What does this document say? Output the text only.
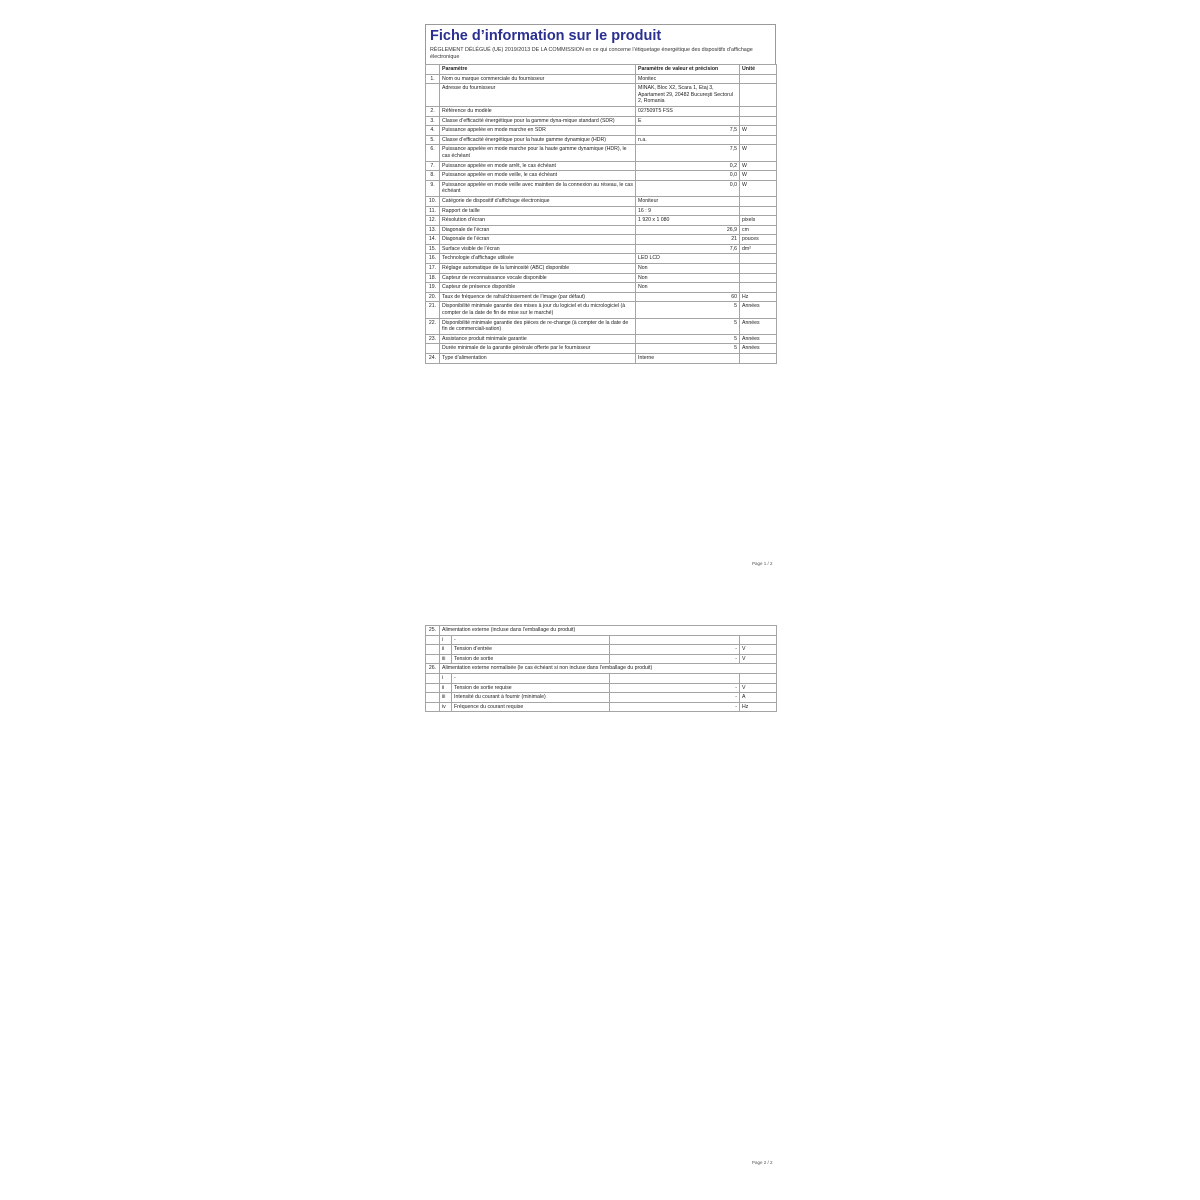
Fiche d’information sur le produit
RÈGLEMENT DÉLÉGUÉ (UE) 2019/2013 DE LA COMMISSION en ce qui concerne l’étiquetage énergétique des dispositifs d’affichage électronique
	Paramètre	Paramètre de valeur et précision	Unité
1.	Nom ou marque commerciale du fournisseur	Monitec	
	Adresse du fournisseur	MINAK, Bloc X2, Scara 1, Etaj 3, Apartament 29, 20482 Bucureşti Sectorul 2, Romania	
2.	Référence du modèle	027509T5 FSS	
3.	Classe d’efficacité énergétique pour la gamme dyna-mique standard (SDR)	E	
4.	Puissance appelée en mode marche en SDR	7,5	W
5.	Classe d’efficacité énergétique pour la haute gamme dynamique (HDR)	n.a.	
6.	Puissance appelée en mode marche pour la haute gamme dynamique (HDR), le cas échéant	7,5	W
7.	Puissance appelée en mode arrêt, le cas échéant	0,2	W
8.	Puissance appelée en mode veille, le cas échéant	0,0	W
9.	Puissance appelée en mode veille avec maintien de la connexion au réseau, le cas échéant	0,0	W
10.	Catégorie de dispositif d’affichage électronique	Moniteur	
11.	Rapport de taille	16 : 9	
12.	Résolution d’écran	1 920 x 1 080	pixels
13.	Diagonale de l’écran	26,9	cm
14.	Diagonale de l’écran	21	pouces
15.	Surface visible de l’écran	7,6	dm²
16.	Technologie d’affichage utilisée	LED LCD	
17.	Réglage automatique de la luminosité (ABC) disponible	Non	
18.	Capteur de reconnaissance vocale disponible	Non	
19.	Capteur de présence disponible	Non	
20.	Taux de fréquence de rafraîchissement de l’image (par défaut)	60	Hz
21.	Disponibilité minimale garantie des mises à jour du logiciel et du micrologiciel (à compter de la date de fin de mise sur le marché)	5	Années
22.	Disponibilité minimale garantie des pièces de re-change (à compter de la date de fin de commerciali-sation)	5	Années
23.	Assistance produit minimale garantie	5	Années
	Durée minimale de la garantie générale offerte par le fournisseur	5	Années
24.	Type d’alimentation	Interne	
Page 1 / 2
25.	Alimentation externe (incluse dans l’emballage du produit)			
	i	-		
	ii	Tension d’entrée	-	V
	iii	Tension de sortie	-	V
26.	Alimentation externe normalisée (le cas échéant si non incluse dans l’emballage du produit)			
	i	-		
	ii	Tension de sortie requise	-	V
	iii	Intensité du courant à fournir (minimale)	-	A
	iv	Fréquence du courant requise	-	Hz
Page 2 / 2
